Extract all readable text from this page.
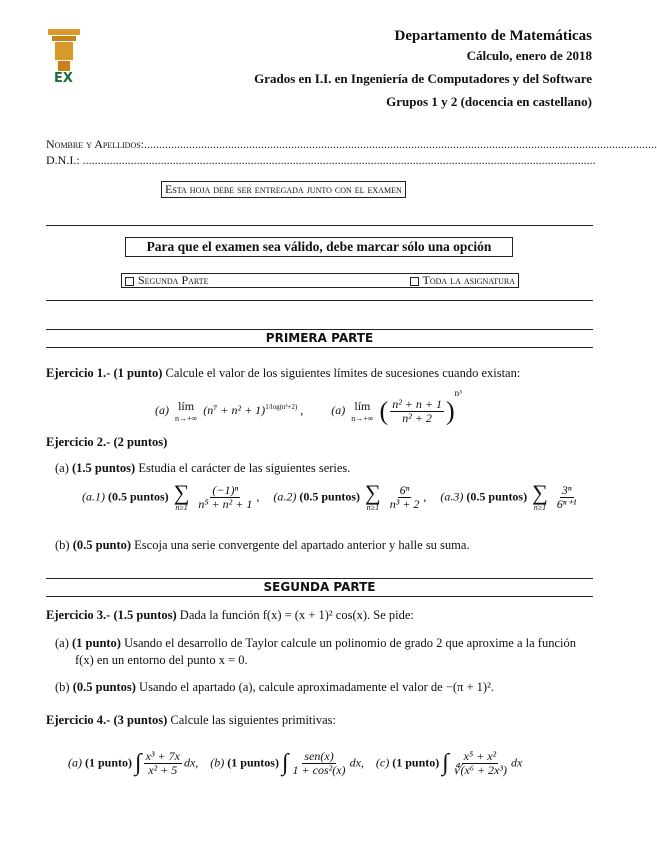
EX
Departamento de Matemáticas
Cálculo, enero de 2018
Grados en I.I. en Ingeniería de Computadores y del Software
Grupos 1 y 2 (docencia en castellano)
Nombre y Apellidos:...........................................................................................................................................................................
D.N.I.: ...........................................................................................................................................................................
Esta hoja debe ser entregada junto con el examen
Para que el examen sea válido, debe marcar sólo una opción
Segunda Parte	Toda la asignatura
PRIMERA PARTE
Ejercicio 1.- (1 punto) Calcule el valor de los siguientes límites de sucesiones cuando existan:
(a) lím
n→+∞
$(n^7 + n^2 + 1)^{1/log(n^3+2)}$ ,  (a) lím
n→+∞ ( $\frac{\text{n² + n + 1}}{\text{n² + 2}} )^{n^3}$
Ejercicio 2.- (2 puntos)
(a) (1.5 puntos) Estudia el carácter de las siguientes series.
(a.1) (0.5 puntos) ∑
n≥1
$\frac{\text{(−1)ⁿ}}{\text{n⁵ + n² + 1}}$ ,  (a.2) (0.5 puntos) ∑
n≥1
$\frac{\text{6ⁿ}}{\text{n³ + 2}}$ ,  (a.3) (0.5 puntos) ∑
n≥1
$\frac{\text{3ⁿ}}{\text{6ⁿ⁺¹}}$
(b) (0.5 punto) Escoja una serie convergente del apartado anterior y halle su suma.
SEGUNDA PARTE
Ejercicio 3.- (1.5 puntos) Dada la función f(x) = (x + 1)² cos(x). Se pide:
(a) (1 punto) Usando el desarrollo de Taylor calcule un polinomio de grado 2 que aproxime a la función
f(x) en un entorno del punto x = 0.
(b) (0.5 puntos) Usando el apartado (a), calcule aproximadamente el valor de −(π + 1)².
Ejercicio 4.- (3 puntos) Calcule las siguientes primitivas:
(a) (1 punto) ∫ $\frac{\text{x³ + 7x}}{\text{x² + 5}}$ dx, (b) (1 puntos) ∫ $\frac{\text{sen(x)}}{\text{1 + cos²(x)}}$ dx, (c) (1 punto) ∫ $\frac{\text{x⁵ + x²}}{\text{∜(x⁶ + 2x³)}}$ dx
